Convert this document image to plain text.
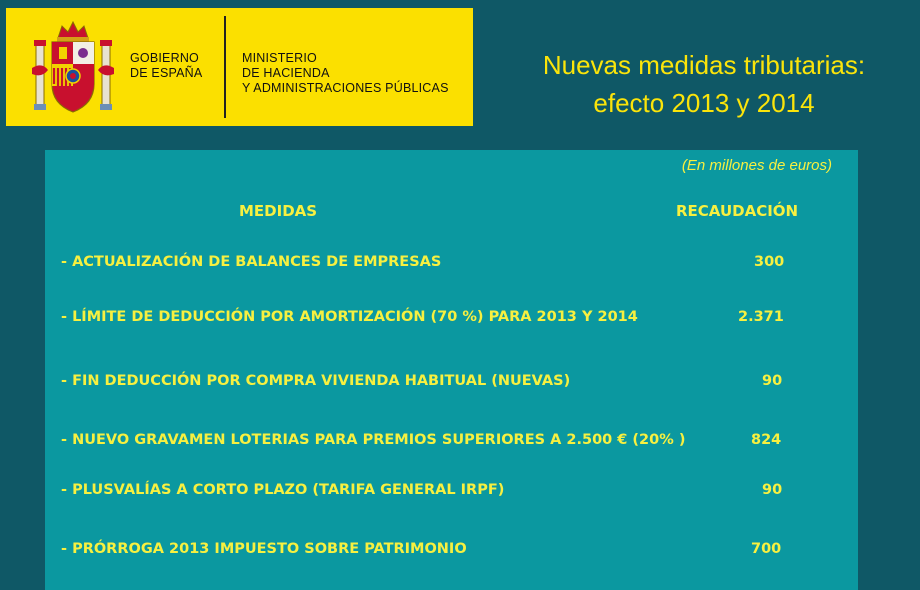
GOBIERNO
DE ESPAÑA
MINISTERIO
DE HACIENDA
Y ADMINISTRACIONES PÚBLICAS
Nuevas medidas tributarias:
efecto 2013 y 2014
(En millones de euros)
MEDIDAS	RECAUDACIÓN
- ACTUALIZACIÓN DE BALANCES DE EMPRESAS	300
- LÍMITE DE DEDUCCIÓN POR AMORTIZACIÓN (70 %) PARA 2013 Y 2014	2.371
- FIN DEDUCCIÓN POR COMPRA VIVIENDA HABITUAL (NUEVAS)	90
- NUEVO GRAVAMEN LOTERIAS PARA PREMIOS SUPERIORES A 2.500 € (20% )	824
- PLUSVALÍAS A CORTO PLAZO (TARIFA GENERAL IRPF)	90
- PRÓRROGA 2013 IMPUESTO SOBRE PATRIMONIO	700
